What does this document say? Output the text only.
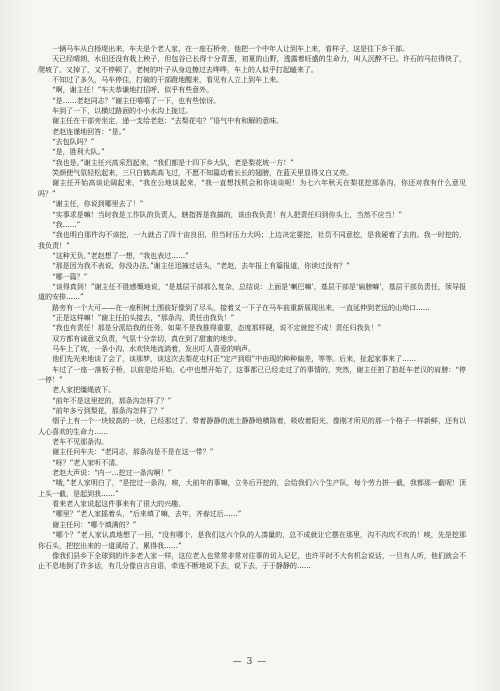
一辆马车从白杨堤出来，车夫是个老人家，在一座石桥旁，他把一个中年人让到车上来，看样子，这是往下乡干部。

天已经晴朗，水田还没有栽上秧子，但包谷已长得十分青葱，初夏的山野，透露着旺盛的生命力，叫人沉醉不已。许石的马拉得快了，爬坡了，又掉了，又不停顿了，老树的叶子从身边擦过去哗哗，车上的人似乎打起瞌来了。

不知过了多久，马车停住，打破的干部蹬地醒来，看见有人立上到车上来。

“啊，谢主任！”车夫恭谦地打招呼，似乎有些意外。

“是……老赵同志？”谢主任嘻嘻了一下，也有些惊讶。

车到了一下，以横过路面的小小水沟上拢过。

谢主任在干部旁坐定，递一支给老赵：“去梨花屯？”语气中有和解的意味。

老赵连谨地回答：“是。”

“去包队吗？”

“是，胜利大队。”

“我也是。”谢主任兴高采烈起来，“我们都是十四下乡大队，老是梨花坡一方！”

笑颜使气氛轻松起来，三只白鹤高高飞过，不愿不知篇动着长长的翅膀，在蓝天里显得又白又亮。

谢主任开始高谈论阔起来，“我在公地谈起来，“我一直想找机会和你谈谈呢！为七六年秋天在梨花挖那条沟，你还对我有什么意见吗？”

“谢主任，你说到哪里去了！”

“实事求是嘛！当时我是工作队的负责人，瞎指挥是我搞的，该由我负责！有人把责任归到你头上，当然不应当！”

“我……”

“我也明白那件沟不该挖，一九就占了四十亩良田，但当时压力大吗；上边决定要挖，社员不同意挖，是我硬着了去的。我一时挖的，我负责！”

“这种无负，”老赵想了一想，“我也表过……”

“那是因为我不表说，你没办法。”谢主任迅撞过话头，“老赵，去年报上有篇报道，你读过没有？”

“哪一篇？”

“谈得真到！”谢主任不胜感慨地说，“是基层干部那么复杂，总结说：上面是‘喇巴嘛’，基层干部是‘扁膀嘛’，基层干部负责任，领导报道的安排……”

路旁有一个大可——在一座积树土围前好像到了尽头，接着又一下子在马车前重新展现出来，一直延伸到老远的山坳口……

“正是这样嘛！”谢主任拍头接去，“那条沟，责任由我负！”

“我也有责任！那是分派给我的任务，如果不是我推得重要，态度那样硬，说不定就挖不成！责任归我负！”

双方都有诚意又负责，气氛十分亲切，真在到了甜蜜的地步。

马车上了坡，一条小沟，水欢快地流淌着，发出叮人喜爱的响声。

他们先光来地谈了会了，谈那梦，谈这次去梨花屯村正“定产到组”中由现的种种偏差，等等。后来，扯起家事来了……

车过了一座一落板子桥，以前是给开始，心中也想开始了，这事都已已经走过了的事情的，突然，谢主任拍了拍赶车老汉的肩膀：“停一停！”

老人家把缰绳放下。

“前年不是这里挖的，那条沟怎样了？”

“前年多亏到梨花，那条沟怎样了？”

烟子上有一个一块较高的一块，已经那过了，带着静静的流土静静地横陈着，吸收着阳光，像刚才所见的那一个格子一样新鲜，还有以人心喜欢的生命力……

老车不见那条沟。

谢主任问车夫：“老同志，那条沟是不是在这一带？”

“呀？”老人家听不清。

老赵大声说：“内一…挖过一条沟啊！”

“哦，”老人家明白了，“是挖过一条沟，唉，大前年的事嘛，立冬后开挖的，会给我们六个生产队，每个劳力拼一截，我都那一截呢！顶上头一截，是起到我……”

看来老人家说起这件事来有了很大的兴趣。

“哪里？”老人家摇着头，“后来填了嘛，去年，齐春过后……”

谢主任问：“哪个填满的？”

“哪个？”老人家认真地想了一回，“没有哪个，是我们这六个队的人凑量的，总不成就让它摆在那里，沟不沟坎不坎的！唉，先是挖那你石头，把挖出来的一道溪给了，累得我……”

像我们县乡下全球到的许多老人家一样，这位老人也常常非常对往事的切入记忆，也许平时不大有机会说话，一旦有人听，他们就会不止不息地倒了许多话，有几分像自言自语，牵连不断地说下去，说下去，于于静静的……

— 3 —
